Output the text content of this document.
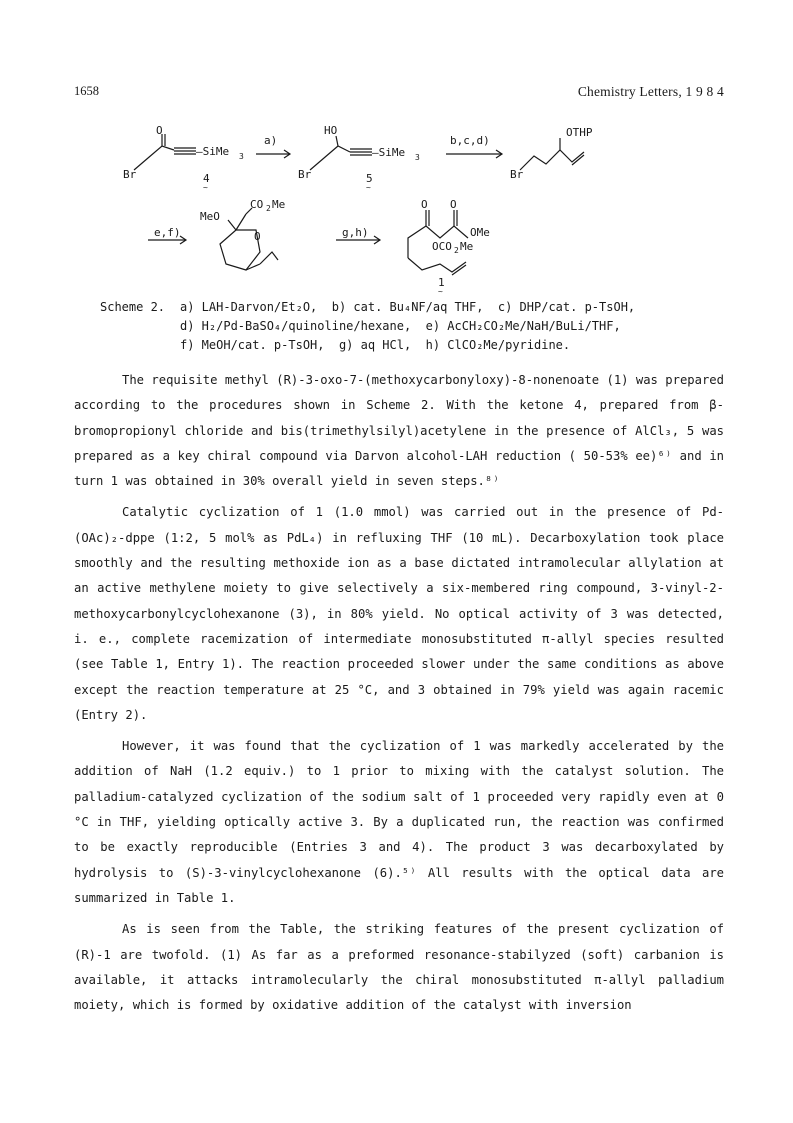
1658	Chemistry Letters, 1 9 8 4
O
Br
—SiMe 3
4
~
a)
HO
Br
—SiMe 3
5
~
b,c,d)
OTHP
Br
e,f)
CO 2 Me
MeO
O	g,h)
O O
OMe
OCO 2 Me
1
~
Scheme 2.	a) LAH-Darvon/Et₂O,  b) cat. Bu₄NF/aq THF,  c) DHP/cat. p-TsOH,
d) H₂/Pd-BaSO₄/quinoline/hexane,  e) AcCH₂CO₂Me/NaH/BuLi/THF,
f) MeOH/cat. p-TsOH,  g) aq HCl,  h) ClCO₂Me/pyridine.

The requisite methyl (R)-3-oxo-7-(methoxycarbonyloxy)-8-nonenoate (1) was prepared according to the procedures shown in Scheme 2. With the ketone 4, prepared from β-bromopropionyl chloride and bis(trimethylsilyl)acetylene in the presence of AlCl₃, 5 was prepared as a key chiral compound via Darvon alcohol-LAH reduction ( 50-53% ee)⁶⁾ and in turn 1 was obtained in 30% overall yield in seven steps.⁸⁾

Catalytic cyclization of 1 (1.0 mmol) was carried out in the presence of Pd-(OAc)₂-dppe (1:2, 5 mol% as PdL₄) in refluxing THF (10 mL). Decarboxylation took place smoothly and the resulting methoxide ion as a base dictated intramolecular allylation at an active methylene moiety to give selectively a six-membered ring compound, 3-vinyl-2-methoxycarbonylcyclohexanone (3), in 80% yield. No optical activity of 3 was detected, i. e., complete racemization of intermediate monosubstituted π-allyl species resulted (see Table 1, Entry 1). The reaction proceeded slower under the same conditions as above except the reaction temperature at 25 °C, and 3 obtained in 79% yield was again racemic (Entry 2).

However, it was found that the cyclization of 1 was markedly accelerated by the addition of NaH (1.2 equiv.) to 1 prior to mixing with the catalyst solution. The palladium-catalyzed cyclization of the sodium salt of 1 proceeded very rapidly even at 0 °C in THF, yielding optically active 3. By a duplicated run, the reaction was confirmed to be exactly reproducible (Entries 3 and 4). The product 3 was decarboxylated by hydrolysis to (S)-3-vinylcyclohexanone (6).⁵⁾ All results with the optical data are summarized in Table 1.

As is seen from the Table, the striking features of the present cyclization of (R)-1 are twofold. (1) As far as a preformed resonance-stabilyzed (soft) carbanion is available, it attacks intramolecularly the chiral monosubstituted π-allyl palladium moiety, which is formed by oxidative addition of the catalyst with inversion
